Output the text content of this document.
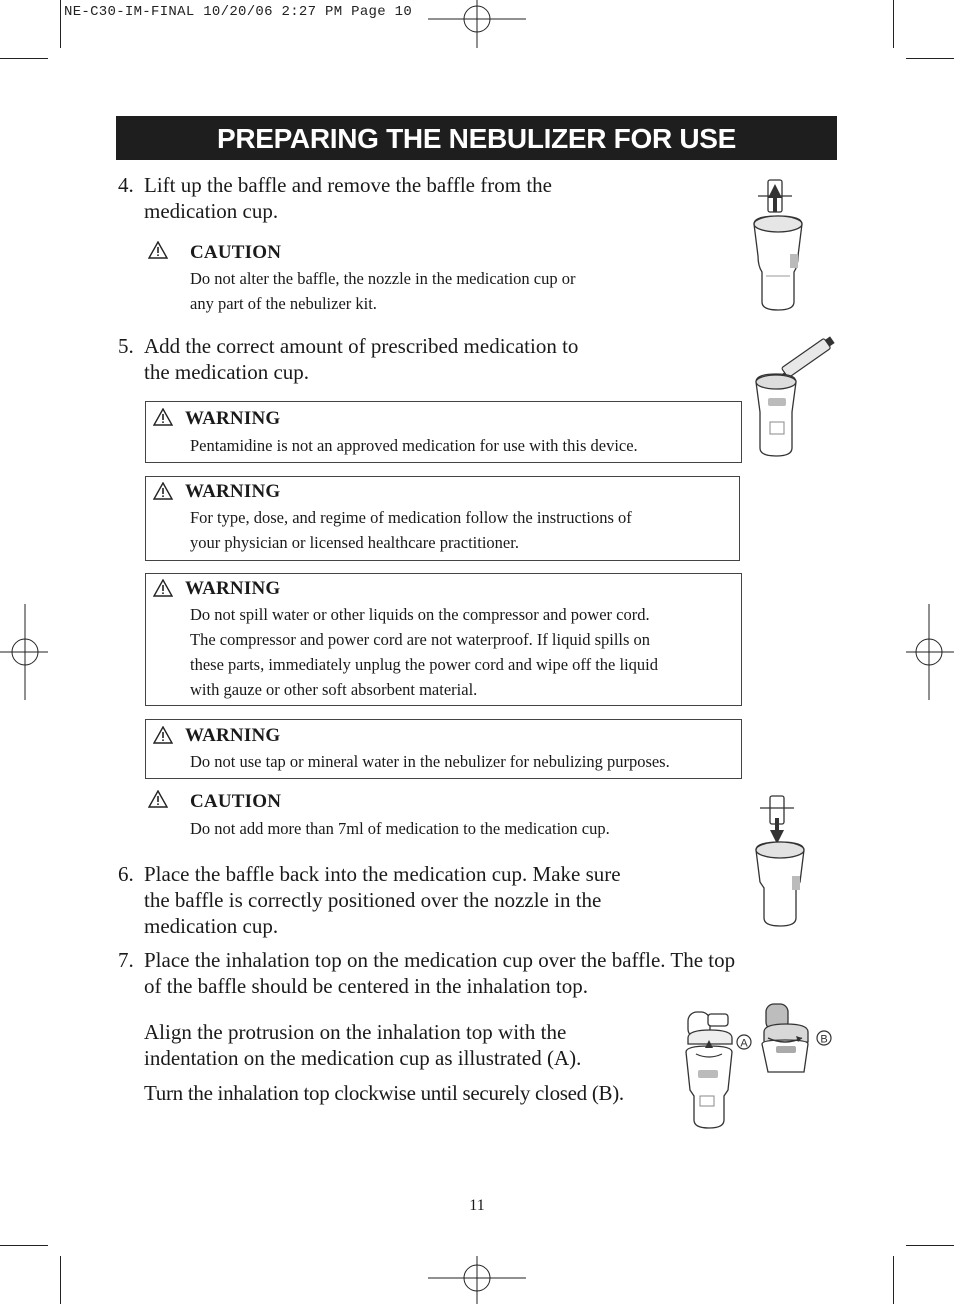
NE-C30-IM-FINAL 10/20/06 2:27 PM Page 10
PREPARING THE NEBULIZER FOR USE
4. Lift up the baffle and remove the baffle from the
medication cup.
CAUTION
Do not alter the baffle, the nozzle in the medication cup or
any part of the nebulizer kit.
5. Add the correct amount of prescribed medication to
the medication cup.
WARNING
Pentamidine is not an approved medication for use with this device.
WARNING
For type, dose, and regime of medication follow the instructions of
your physician or licensed healthcare practitioner.
WARNING
Do not spill water or other liquids on the compressor and power cord.
The compressor and power cord are not waterproof. If liquid spills on
these parts, immediately unplug the power cord and wipe off the liquid
with gauze or other soft absorbent material.
WARNING
Do not use tap or mineral water in the nebulizer for nebulizing purposes.
CAUTION
Do not add more than 7ml of medication to the medication cup.
6. Place the baffle back into the medication cup. Make sure
the baffle is correctly positioned over the nozzle in the
medication cup.
7. Place the inhalation top on the medication cup over the baffle. The top
of the baffle should be centered in the inhalation top.
Align the protrusion on the inhalation top with the
indentation on the medication cup as illustrated (A).
Turn the inhalation top clockwise until securely closed (B).
A	B
11
